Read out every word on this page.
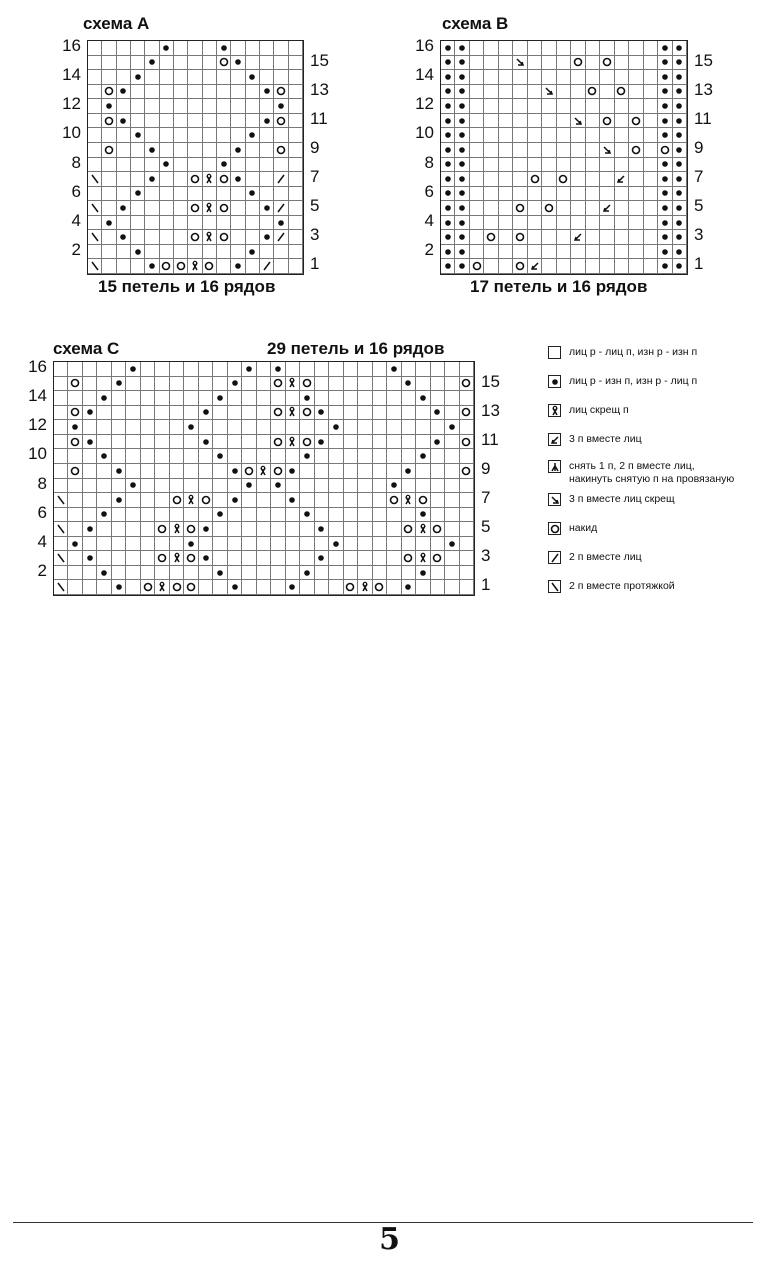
схема A
15 петель и 16 рядов
схема B
17 петель и 16 рядов
схема C	29 петель и 16 рядов	лиц р - лиц п, изн р - изн п
лиц р - изн п, изн р - лиц п
лиц скрещ п
3 п вместе лиц
снять 1 п, 2 п вместе лиц,
накинуть снятую п на провязаную
3 п вместе лиц скрещ
накид
2 п вместе лиц
2 п вместе протяжкой
5
16
14
12
10
8
6
4
2
15
13
11
9
7
5
3
1
16
14
12
10
8
6
4
2
15
13
11
9
7
5
3
1
16
14
12
10
8
6
4
2
15
13
11
9
7
5
3
1
